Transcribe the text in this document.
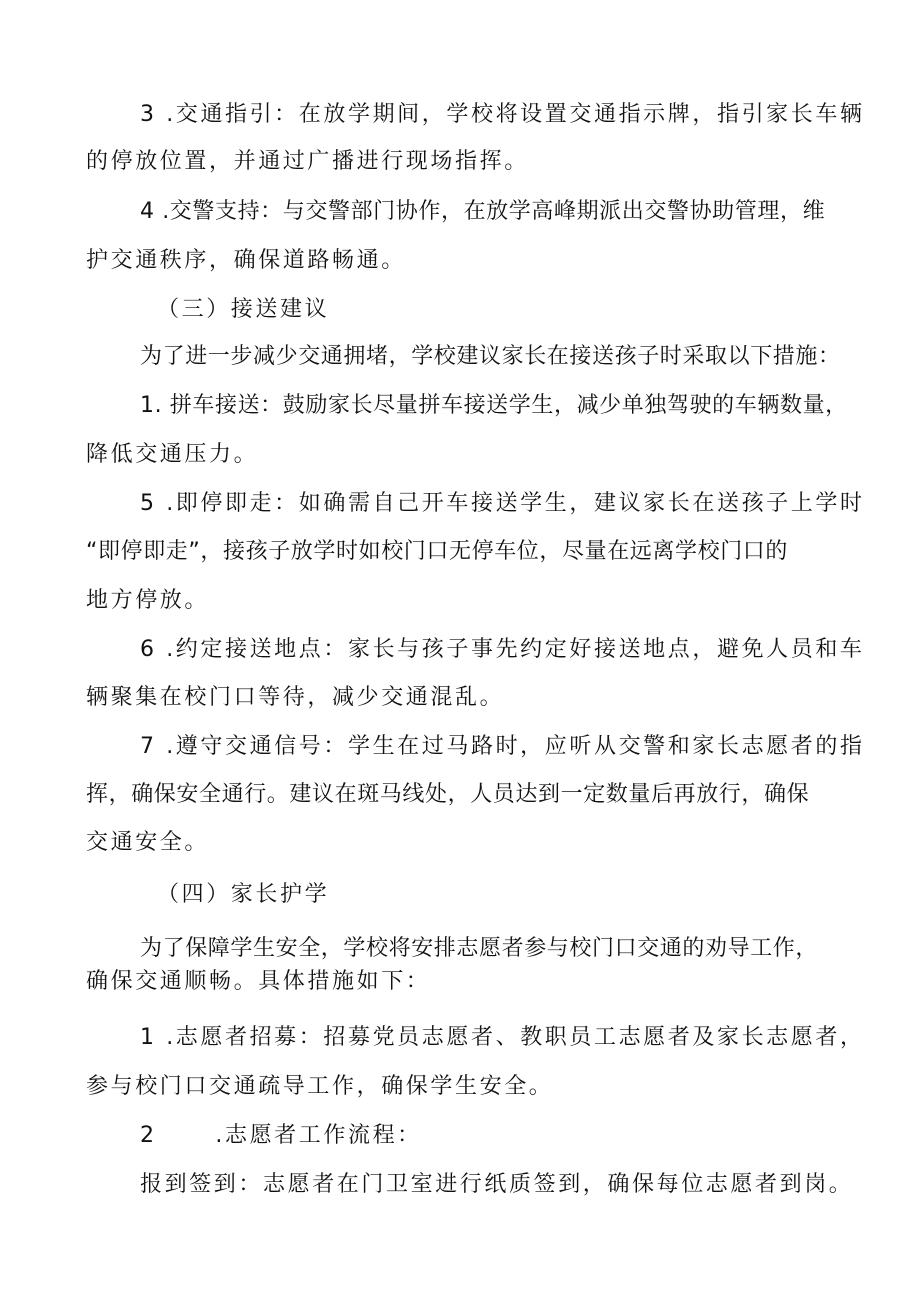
3 .交通指引：在放学期间，学校将设置交通指示牌，指引家长车辆
的停放位置，并通过广播进行现场指挥。
4 .交警支持：与交警部门协作，在放学高峰期派出交警协助管理，维
护交通秩序，确保道路畅通。
（三）接送建议
为了进一步减少交通拥堵，学校建议家长在接送孩子时采取以下措施：
1. 拼车接送：鼓励家长尽量拼车接送学生，减少单独驾驶的车辆数量，
降低交通压力。
5 .即停即走：如确需自己开车接送学生，建议家长在送孩子上学时
“即停即走”，接孩子放学时如校门口无停车位，尽量在远离学校门口的
地方停放。
6 .约定接送地点：家长与孩子事先约定好接送地点，避免人员和车
辆聚集在校门口等待，减少交通混乱。
7 .遵守交通信号：学生在过马路时，应听从交警和家长志愿者的指
挥，确保安全通行。建议在斑马线处，人员达到一定数量后再放行，确保
交通安全。
（四）家长护学
为了保障学生安全，学校将安排志愿者参与校门口交通的劝导工作，
确保交通顺畅。具体措施如下：
1 .志愿者招募：招募党员志愿者、教职员工志愿者及家长志愿者，
参与校门口交通疏导工作，确保学生安全。
2 　　.志愿者工作流程：
报到签到：志愿者在门卫室进行纸质签到，确保每位志愿者到岗。
